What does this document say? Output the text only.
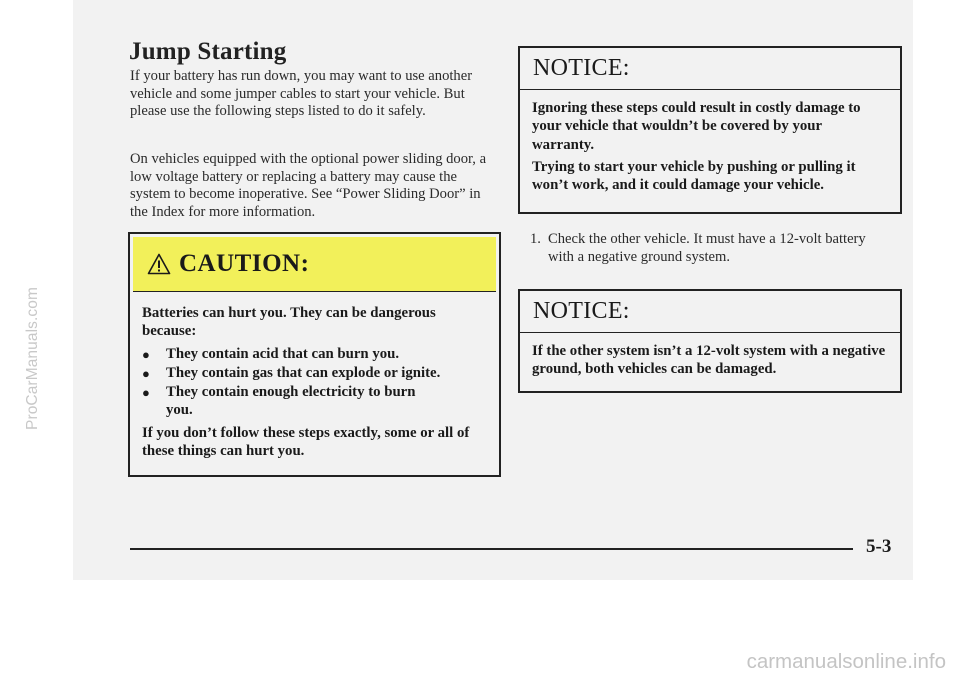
ProCarManuals.com
Jump Starting

If your battery has run down, you may want to use another vehicle and some jumper cables to start your vehicle. But please use the following steps listed to do it safely.

On vehicles equipped with the optional power sliding door, a low voltage battery or replacing a battery may cause the system to become inoperative. See “Power Sliding Door” in the Index for more information.

CAUTION:

Batteries can hurt you. They can be dangerous because:

●	They contain acid that can burn you.
●	They contain gas that can explode or ignite.
●	They contain enough electricity to burn you.

If you don’t follow these steps exactly, some or all of these things can hurt you.

NOTICE:

Ignoring these steps could result in costly damage to your vehicle that wouldn’t be covered by your warranty.

Trying to start your vehicle by pushing or pulling it won’t work, and it could damage your vehicle.

1. Check the other vehicle. It must have a 12-volt battery with a negative ground system.
NOTICE:

If the other system isn’t a 12-volt system with a negative ground, both vehicles can be damaged.

5-3
carmanualsonline.info
